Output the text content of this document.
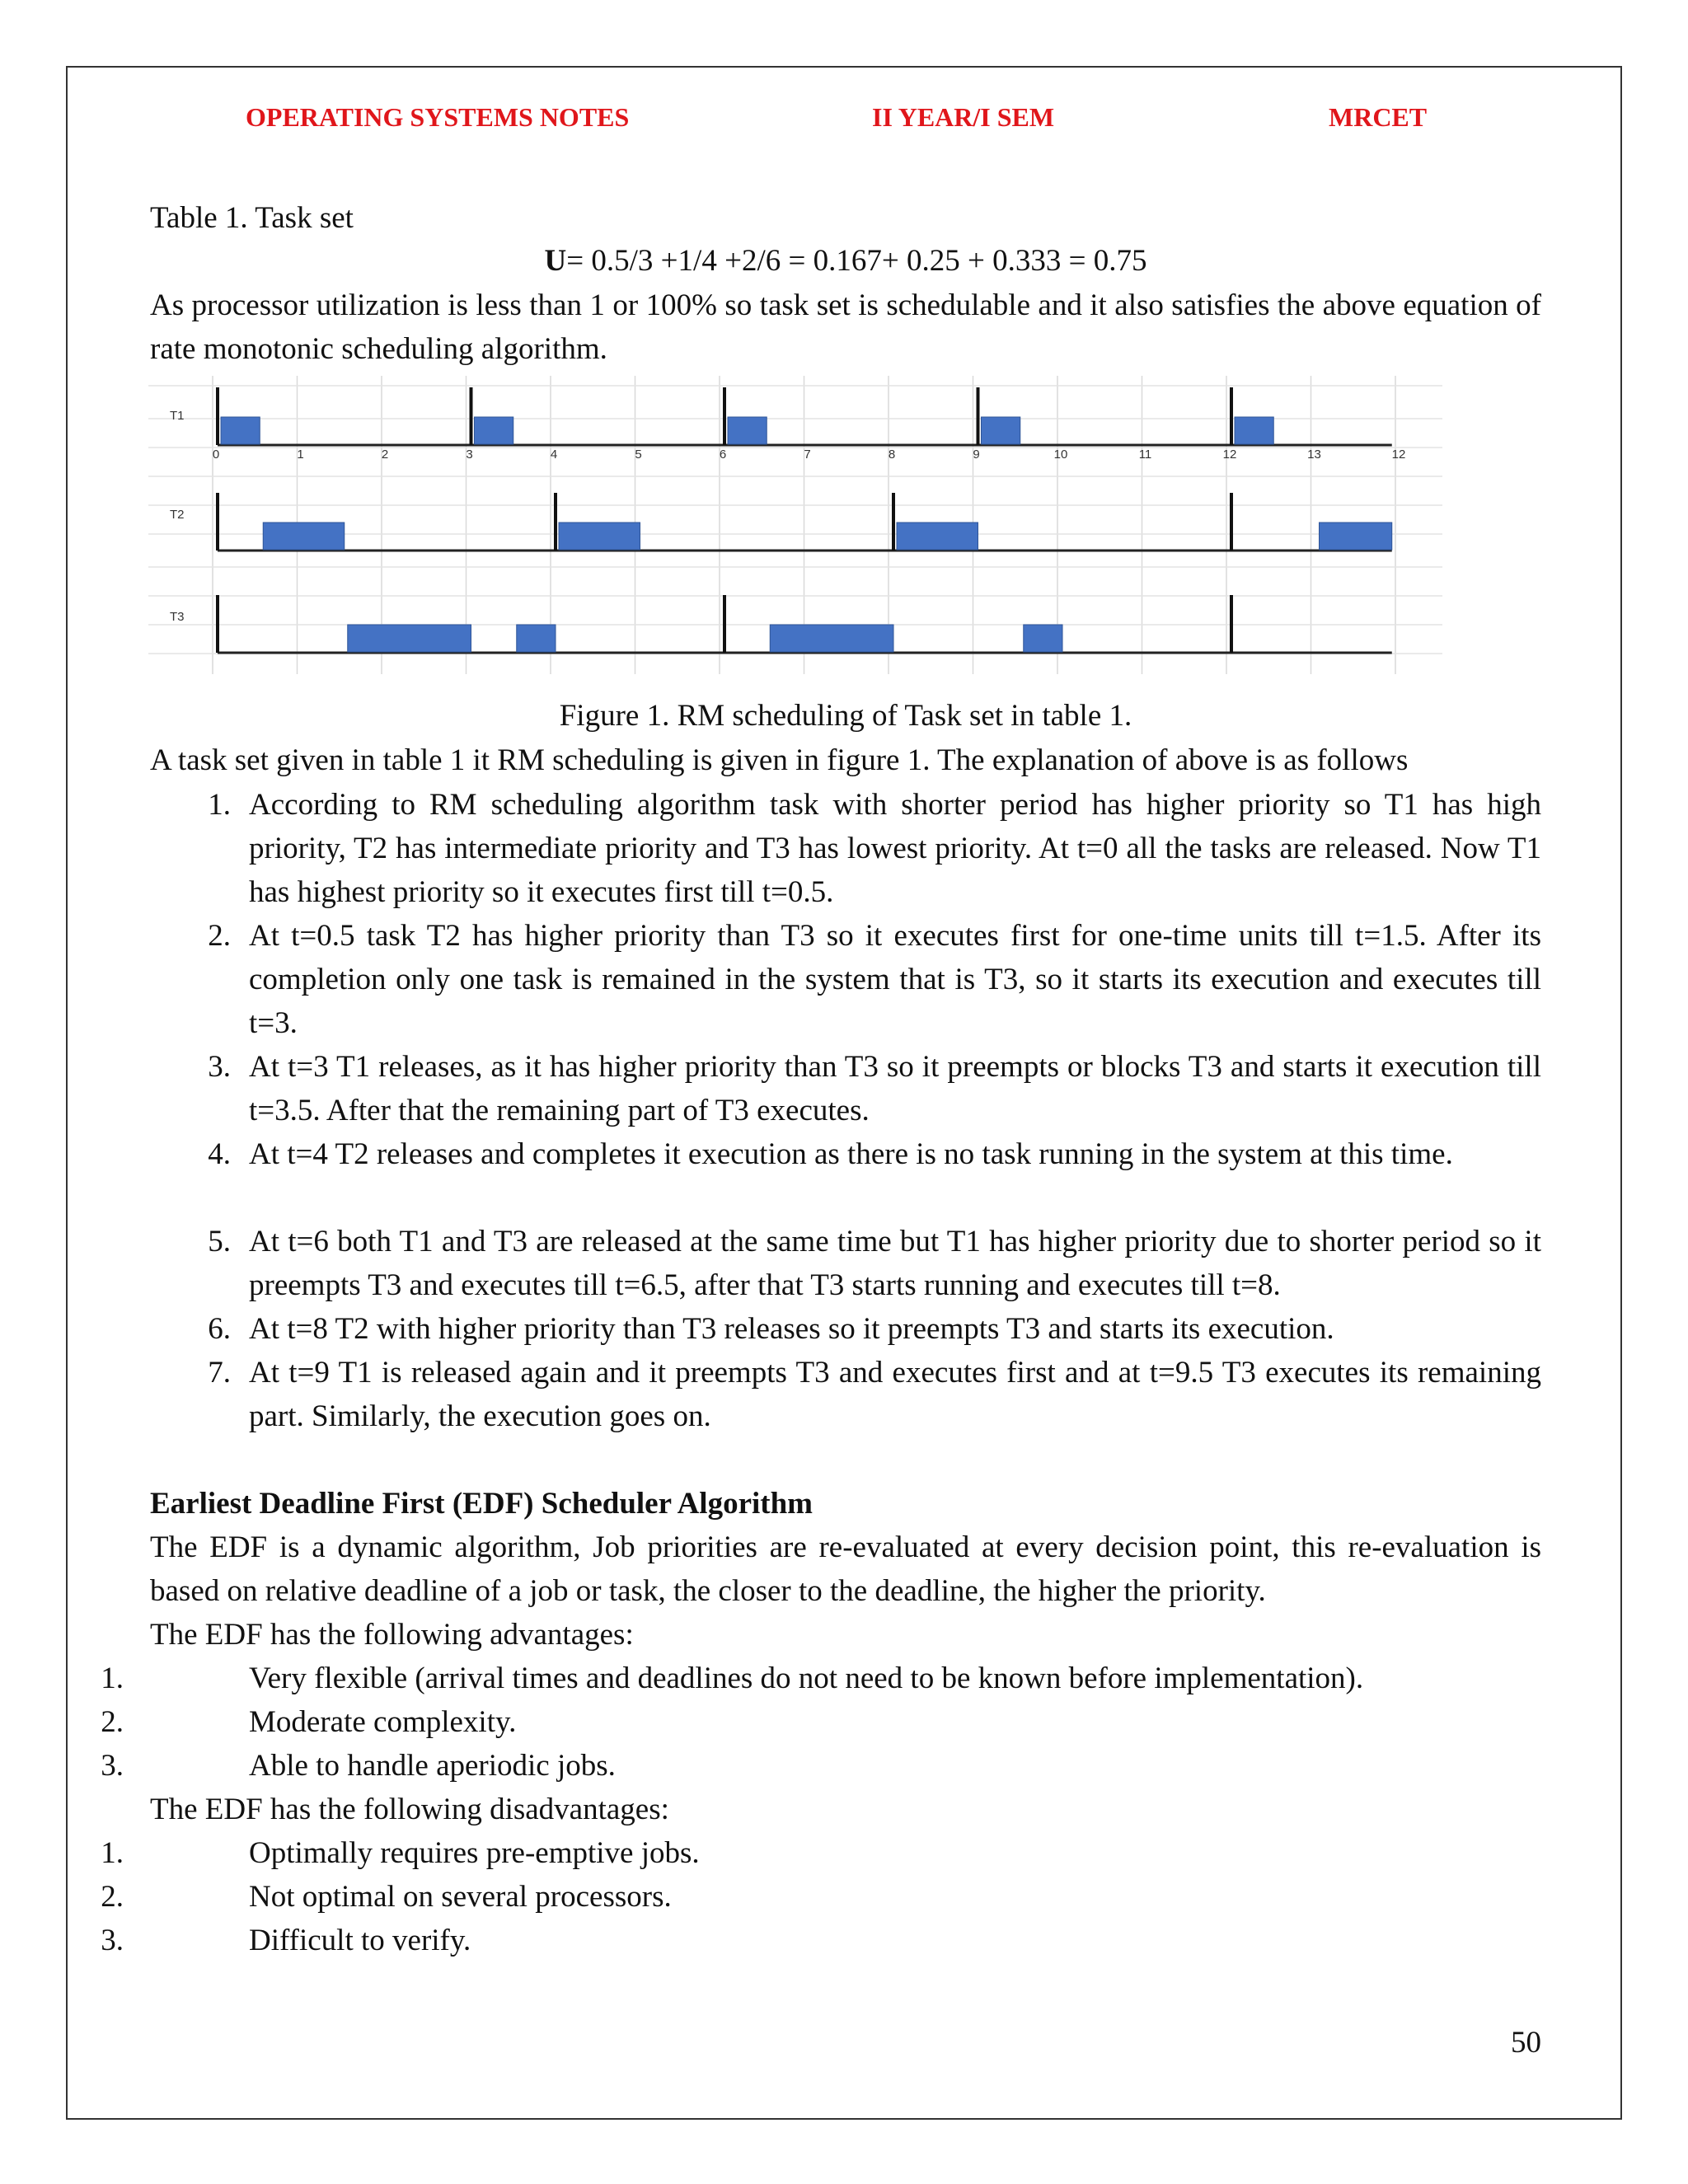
OPERATING SYSTEMS NOTES	II YEAR/I SEM	MRCET

Table 1. Task set

U= 0.5/3 +1/4 +2/6 = 0.167+ 0.25 + 0.333 = 0.75

As processor utilization is less than 1 or 100% so task set is schedulable and it also satisfies the above equation of rate monotonic scheduling algorithm.

T1
T2
T3
0	1	2	3	4	5	6	7	8	9	10	11	12	13	12

Figure 1. RM scheduling of Task set in table 1.

A task set given in table 1 it RM scheduling is given in figure 1. The explanation of above is as follows

1. According to RM scheduling algorithm task with shorter period has higher priority so T1 has high priority, T2 has intermediate priority and T3 has lowest priority. At t=0 all the tasks are released. Now T1 has highest priority so it executes first till t=0.5.

2. At t=0.5 task T2 has higher priority than T3 so it executes first for one-time units till t=1.5. After its completion only one task is remained in the system that is T3, so it starts its execution and executes till t=3.

3. At t=3 T1 releases, as it has higher priority than T3 so it preempts or blocks T3 and starts it execution till t=3.5. After that the remaining part of T3 executes.

4. At t=4 T2 releases and completes it execution as there is no task running in the system at this time.

5. At t=6 both T1 and T3 are released at the same time but T1 has higher priority due to shorter period so it preempts T3 and executes till t=6.5, after that T3 starts running and executes till t=8.

6. At t=8 T2 with higher priority than T3 releases so it preempts T3 and starts its execution.

7. At t=9 T1 is released again and it preempts T3 and executes first and at t=9.5 T3 executes its remaining part. Similarly, the execution goes on.

Earliest Deadline First (EDF) Scheduler Algorithm

The EDF is a dynamic algorithm, Job priorities are re-evaluated at every decision point, this re-evaluation is based on relative deadline of a job or task, the closer to the deadline, the higher the priority.

The EDF has the following advantages:

1.	Very flexible (arrival times and deadlines do not need to be known before implementation).

2.	Moderate complexity.

3.	Able to handle aperiodic jobs.

The EDF has the following disadvantages:

1.	Optimally requires pre-emptive jobs.

2.	Not optimal on several processors.

3.	Difficult to verify.

50
